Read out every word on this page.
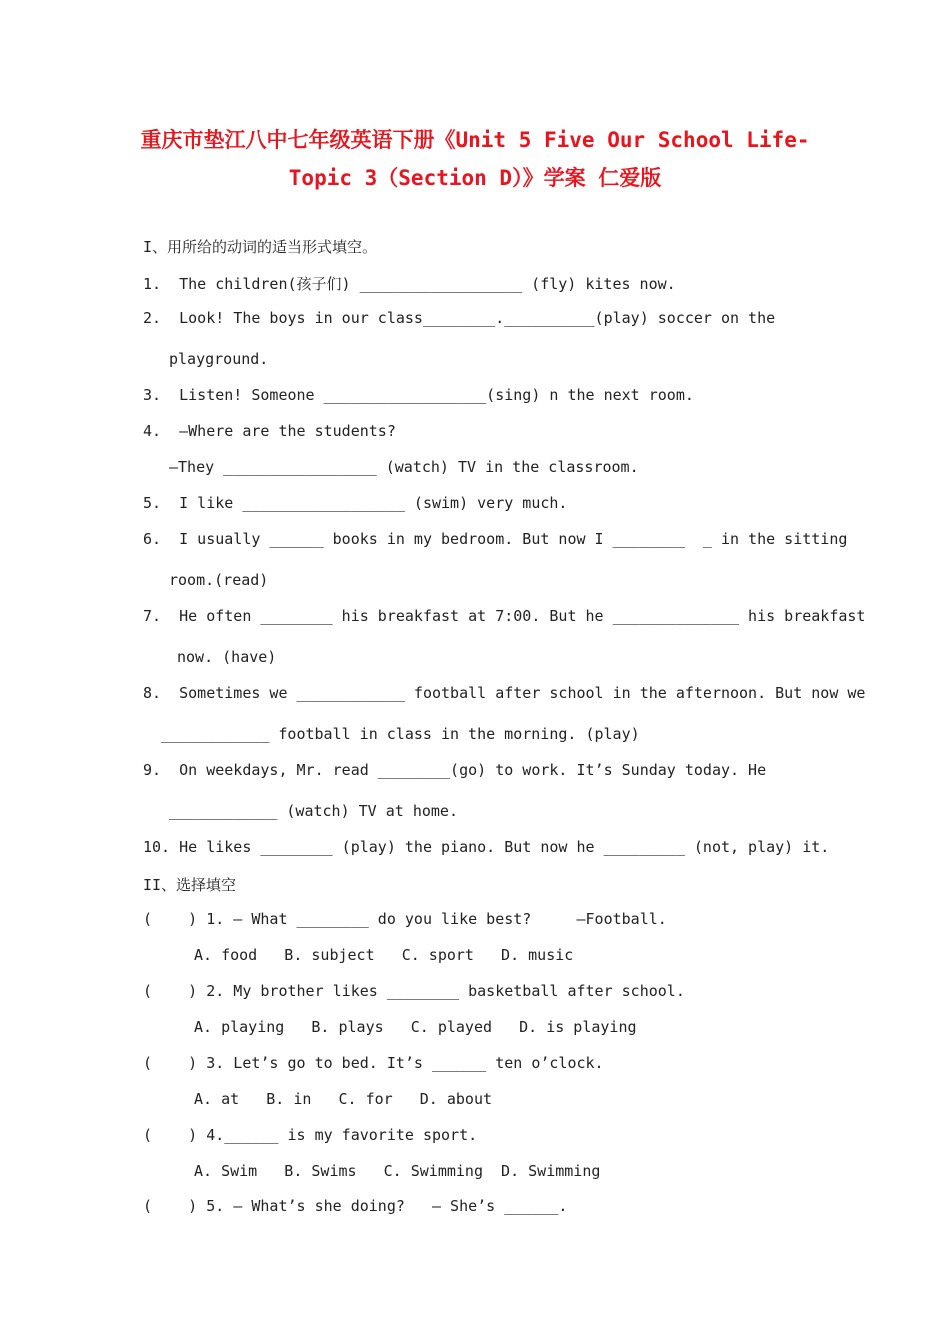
重庆市垫江八中七年级英语下册《Unit 5 Five Our School Life-
Topic 3（Section D）》学案 仁爱版
I、用所给的动词的适当形式填空。
1.  The children(孩子们) __________________ (fly) kites now.
2.  Look! The boys in our class________.__________(play) soccer on the
playground.
3.  Listen! Someone __________________(sing) n the next room.
4.  —Where are the students?
—They _________________ (watch) TV in the classroom.
5.  I like __________________ (swim) very much.
6.  I usually ______ books in my bedroom. But now I ________  _ in the sitting
room.(read)
7.  He often ________ his breakfast at 7:00. But he ______________ his breakfast
now. (have)
8.  Sometimes we ____________ football after school in the afternoon. But now we
____________ football in class in the morning. (play)
9.  On weekdays, Mr. read ________(go) to work. It’s Sunday today. He
____________ (watch) TV at home.
10. He likes ________ (play) the piano. But now he _________ (not, play) it.
II、选择填空
(    ) 1. — What ________ do you like best?     —Football.
A. food   B. subject   C. sport   D. music
(    ) 2. My brother likes ________ basketball after school.
A. playing   B. plays   C. played   D. is playing
(    ) 3. Let’s go to bed. It’s ______ ten o’clock.
A. at   B. in   C. for   D. about
(    ) 4.______ is my favorite sport.
A. Swim   B. Swims   C. Swimming  D. Swimming
(    ) 5. — What’s she doing?   — She’s ______.
